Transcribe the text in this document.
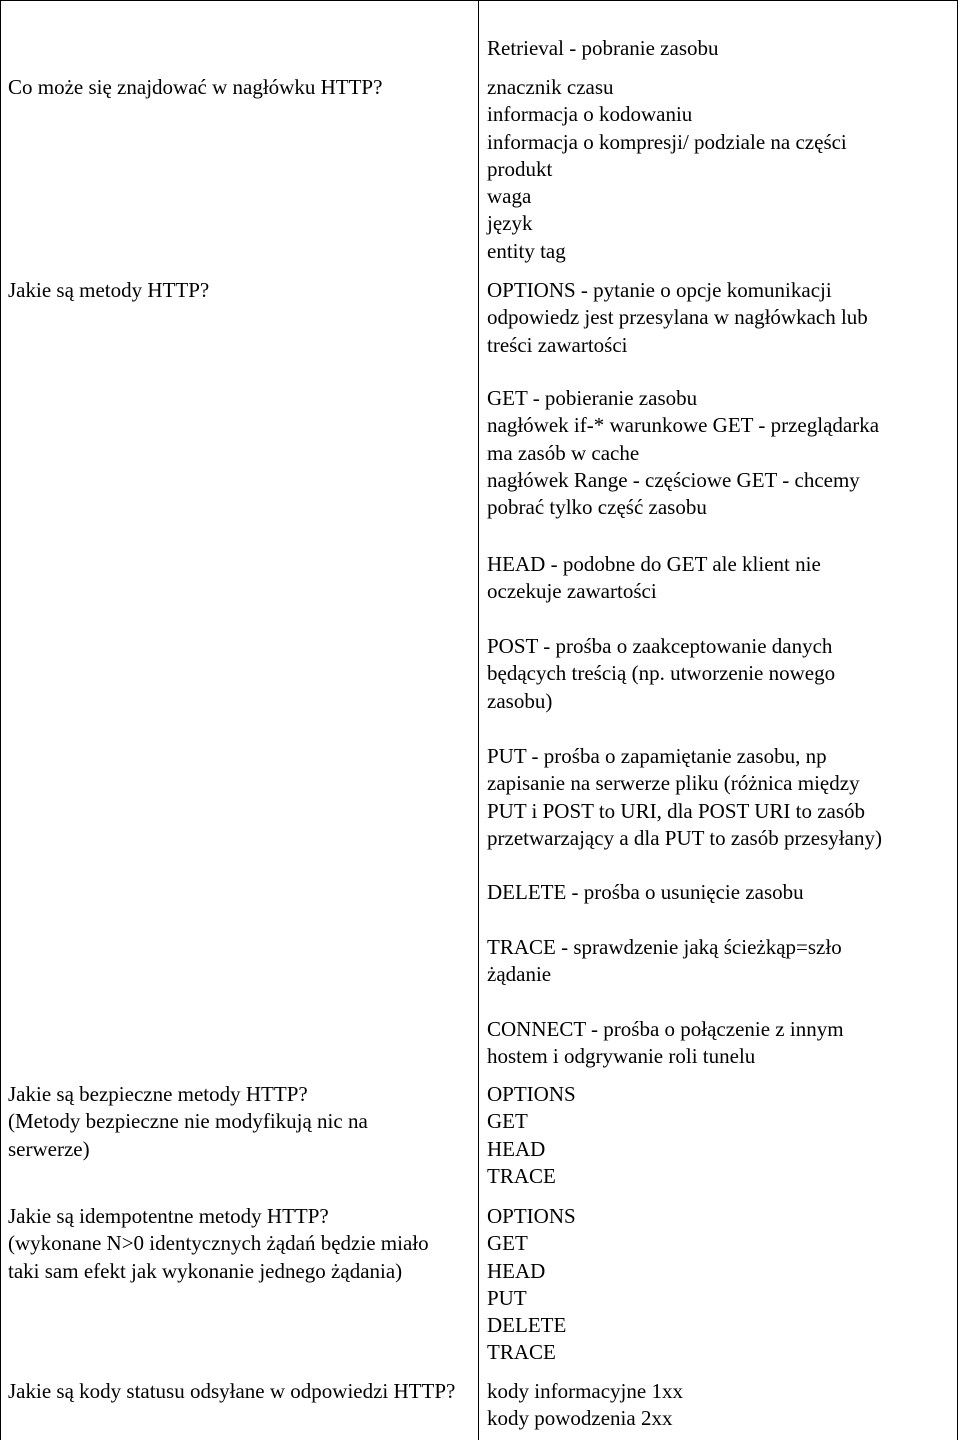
Co może się znajdować w nagłówku HTTP?
Jakie są metody HTTP?
Jakie są bezpieczne metody HTTP?
(Metody bezpieczne nie modyfikują nic na serwerze)
Jakie są idempotentne metody HTTP?
(wykonane N>0 identycznych żądań będzie miało taki sam efekt jak wykonanie jednego żądania)
Jakie są kody statusu odsyłane w odpowiedzi HTTP?
Retrieval - pobranie zasobu
znacznik czasu
informacja o kodowaniu
informacja o kompresji/ podziale na części
produkt
waga
język
entity tag
OPTIONS - pytanie o opcje komunikacji
odpowiedz jest przesylana w nagłówkach lub
treści zawartości
GET - pobieranie zasobu
nagłówek if-* warunkowe GET - przeglądarka
ma zasób w cache
nagłówek Range - częściowe GET - chcemy
pobrać tylko część zasobu
HEAD - podobne do GET ale klient nie
oczekuje zawartości
POST - prośba o zaakceptowanie danych
będących treścią (np. utworzenie nowego
zasobu)
PUT - prośba o zapamiętanie zasobu, np
zapisanie na serwerze pliku (różnica między
PUT i POST to URI, dla POST URI to zasób
przetwarzający a dla PUT to zasób przesyłany)
DELETE - prośba o usunięcie zasobu
TRACE - sprawdzenie jaką ścieżkąp=szło
żądanie
CONNECT - prośba o połączenie z innym
hostem i odgrywanie roli tunelu
OPTIONS
GET
HEAD
TRACE
OPTIONS
GET
HEAD
PUT
DELETE
TRACE
kody informacyjne 1xx
kody powodzenia 2xx
